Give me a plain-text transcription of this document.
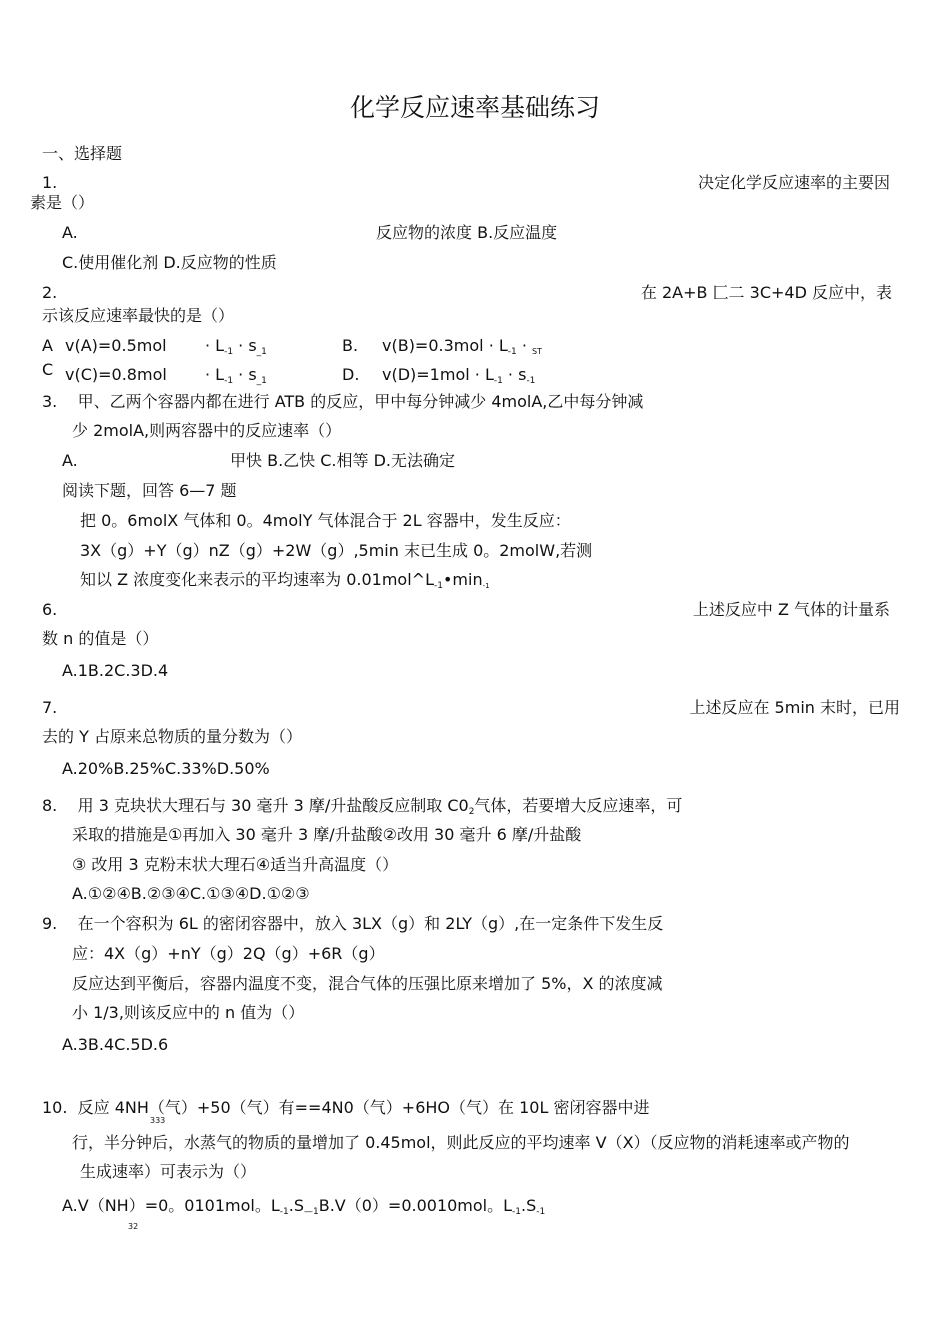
化学反应速率基础练习
一、选择题
1.	决定化学反应速率的主要因
素是（）
A.	反应物的浓度 B.反应温度
C.使用催化剂 D.反应物的性质
2.	在 2A+B 匚二 3C+4D 反应中，表
示该反应速率最快的是（）
A $v(A)=0.5mol \cdot L_{-1} \cdot s_{\_1}$	B. $v(B)=0.3mol \cdot L_{-1} \cdot _{ST}$
C $v(C)=0.8mol \cdot L_{-1} \cdot s_{\_1}$	D. $v(D)=1mol \cdot L_{-1} \cdot s_{-1}$
3.    甲、乙两个容器内都在进行 ATB 的反应，甲中每分钟减少 4molA,乙中每分钟减
少 2molA,则两容器中的反应速率（）
A.	甲快 B.乙快 C.相等 D.无法确定
阅读下题，回答 6—7 题
把 0。6molX 气体和 0。4molY 气体混合于 2L 容器中，发生反应：
3X（g）+Y（g）nZ（g）+2W（g）,5min 末已生成 0。2molW,若测
知以 Z 浓度变化来表示的平均速率为 $0.01mol\^{}L_{-1}•\min_{-1}$
6.	上述反应中 Z 气体的计量系
数 n 的值是（）
A.1B.2C.3D.4
7.	上述反应在 5min 末时，已用
去的 Y 占原来总物质的量分数为（）
A.20%B.25%C.33%D.50%
8.    用 3 克块状大理石与 30 毫升 3 摩/升盐酸反应制取 $C0_2$气体，若要增大反应速率，可
采取的措施是①再加入 30 毫升 3 摩/升盐酸②改用 30 毫升 6 摩/升盐酸
③ 改用 3 克粉末状大理石④适当升高温度（）
A.①②④B.②③④C.①③④D.①②③
9.    在一个容积为 6L 的密闭容器中，放入 3LX（g）和 2LY（g）,在一定条件下发生反
应：4X（g）+nY（g）2Q（g）+6R（g）
反应达到平衡后，容器内温度不变，混合气体的压强比原来增加了 5%，X 的浓度减
小 1/3,则该反应中的 n 值为（）
A.3B.4C.5D.6
10.  反应 4NH（气）+50（气）有==4N0（气）+6HO（气）在 10L 密闭容器中进
333
行，半分钟后，水蒸气的物质的量增加了 0.45mol，则此反应的平均速率 V（X）（反应物的消耗速率或产物的
生成速率）可表示为（）
A.V（NH）=0。0101mol。$L_{-1}.S_{—1}B.V(0)=0.0010mol$。$L_{-1}.S_{-1}$
32
